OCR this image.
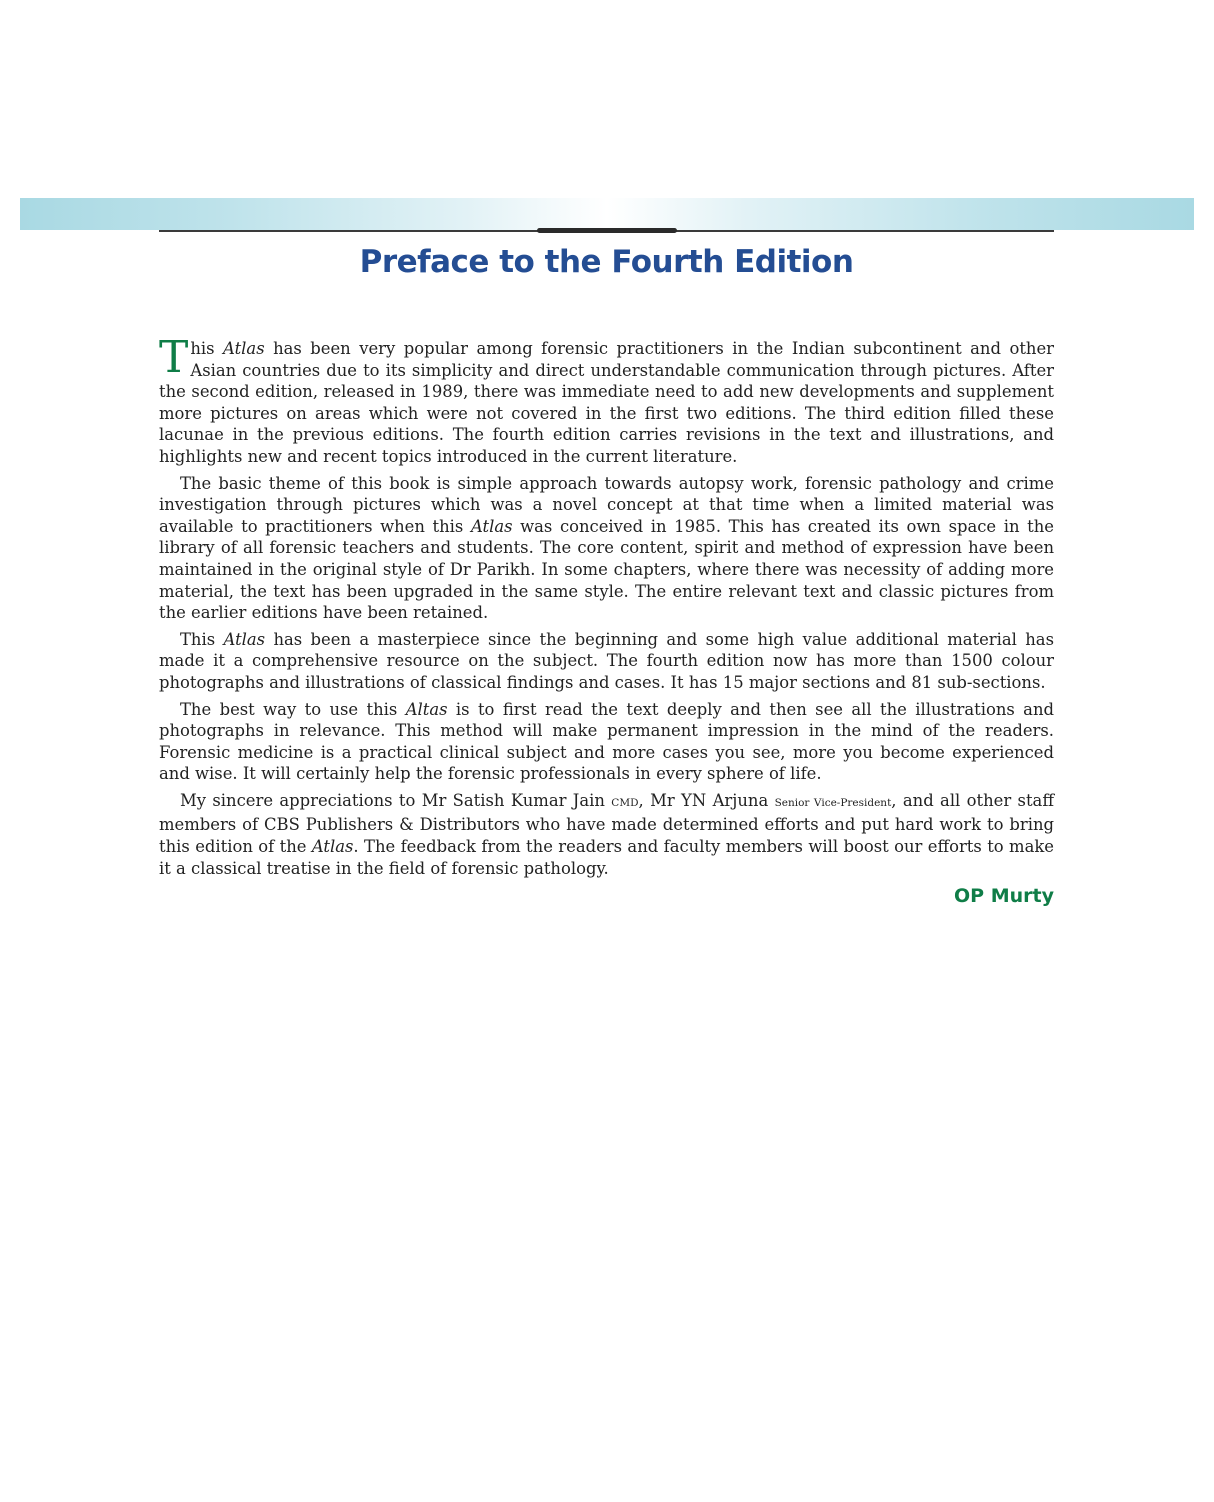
Preface to the Fourth Edition

This Atlas has been very popular among forensic practitioners in the Indian subcontinent and other Asian countries due to its simplicity and direct understandable communication through pictures. After the second edition, released in 1989, there was immediate need to add new developments and supplement more pictures on areas which were not covered in the first two editions. The third edition filled these lacunae in the previous editions. The fourth edition carries revisions in the text and illustrations, and highlights new and recent topics introduced in the current literature.

The basic theme of this book is simple approach towards autopsy work, forensic pathology and crime investigation through pictures which was a novel concept at that time when a limited material was available to practitioners when this Atlas was conceived in 1985. This has created its own space in the library of all forensic teachers and students. The core content, spirit and method of expression have been maintained in the original style of Dr Parikh. In some chapters, where there was necessity of adding more material, the text has been upgraded in the same style. The entire relevant text and classic pictures from the earlier editions have been retained.

This Atlas has been a masterpiece since the beginning and some high value additional material has made it a comprehensive resource on the subject. The fourth edition now has more than 1500 colour photographs and illustrations of classical findings and cases. It has 15 major sections and 81 sub-sections.

The best way to use this Altas is to first read the text deeply and then see all the illustrations and photographs in relevance. This method will make permanent impression in the mind of the readers. Forensic medicine is a practical clinical subject and more cases you see, more you become experienced and wise. It will certainly help the forensic professionals in every sphere of life.

My sincere appreciations to Mr Satish Kumar Jain CMD, Mr YN Arjuna Senior Vice-President, and all other staff members of CBS Publishers & Distributors who have made determined efforts and put hard work to bring this edition of the Atlas. The feedback from the readers and faculty members will boost our efforts to make it a classical treatise in the field of forensic pathology.

OP Murty
